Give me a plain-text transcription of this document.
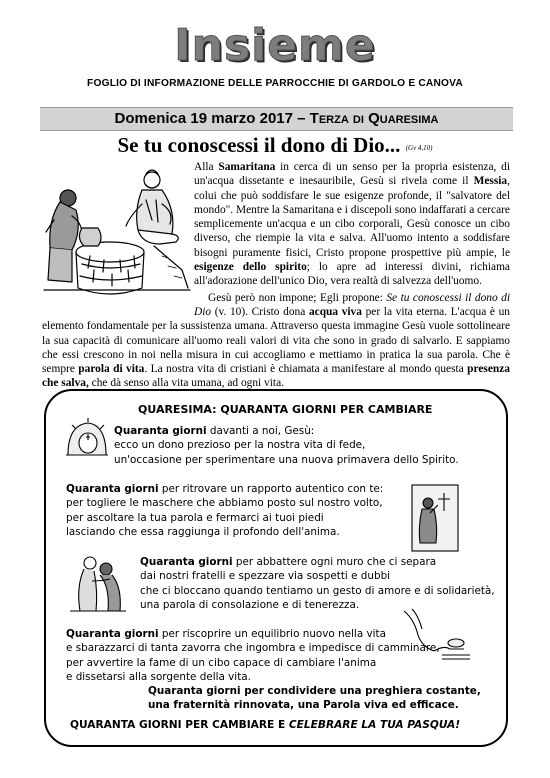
Insieme
FOGLIO DI INFORMAZIONE DELLE PARROCCHIE DI GARDOLO E CANOVA
Domenica 19 marzo 2017 – Terza di Quaresima
Se tu conoscessi il dono di Dio... (Gv 4,10)

Alla Samaritana in cerca di un senso per la propria esistenza, di un'acqua dissetante e inesauribile, Gesù si rivela come il Messia, colui che può soddisfare le sue esigenze profonde, il "salvatore del mondo". Mentre la Samaritana e i discepoli sono indaffarati a cercare semplicemente un'acqua e un cibo corporali, Gesù conosce un cibo diverso, che riempie la vita e salva. All'uomo intento a soddisfare bisogni puramente fisici, Cristo propone prospettive più ampie, le esigenze dello spirito; lo apre ad interessi divini, richiama all'adorazione dell'unico Dio, vera realtà di salvezza dell'uomo.

Gesù però non impone; Egli propone: Se tu conoscessi il dono di Dio (v. 10). Cristo dona acqua viva per la vita eterna. L'acqua è un elemento fondamentale per la sussistenza umana. Attraverso questa immagine Gesù vuole sottolineare la sua capacità di comunicare all'uomo reali valori di vita che sono in grado di salvarlo. E sappiamo che essi crescono in noi nella misura in cui accogliamo e mettiamo in pratica la sua parola. Che è sempre parola di vita. La nostra vita di cristiani è chiamata a manifestare al mondo questa presenza che salva, che dà senso alla vita umana, ad ogni vita.

QUARESIMA: QUARANTA GIORNI PER CAMBIARE
Quaranta giorni davanti a noi, Gesù:
ecco un dono prezioso per la nostra vita di fede,
un'occasione per sperimentare una nuova primavera dello Spirito.
Quaranta giorni per ritrovare un rapporto autentico con te:
per togliere le maschere che abbiamo posto sul nostro volto,
per ascoltare la tua parola e fermarci ai tuoi piedi
lasciando che essa raggiunga il profondo dell'anima.
Quaranta giorni per abbattere ogni muro che ci separa
dai nostri fratelli e spezzare via sospetti e dubbi
che ci bloccano quando tentiamo un gesto di amore e di solidarietà,
una parola di consolazione e di tenerezza.
Quaranta giorni per riscoprire un equilibrio nuovo nella vita
e sbarazzarci di tanta zavorra che ingombra e impedisce di camminare,
per avvertire la fame di un cibo capace di cambiare l'anima
e dissetarsi alla sorgente della vita.
Quaranta giorni per condividere una preghiera costante,
una fraternità rinnovata, una Parola viva ed efficace.
QUARANTA GIORNI PER CAMBIARE E CELEBRARE LA TUA PASQUA!
